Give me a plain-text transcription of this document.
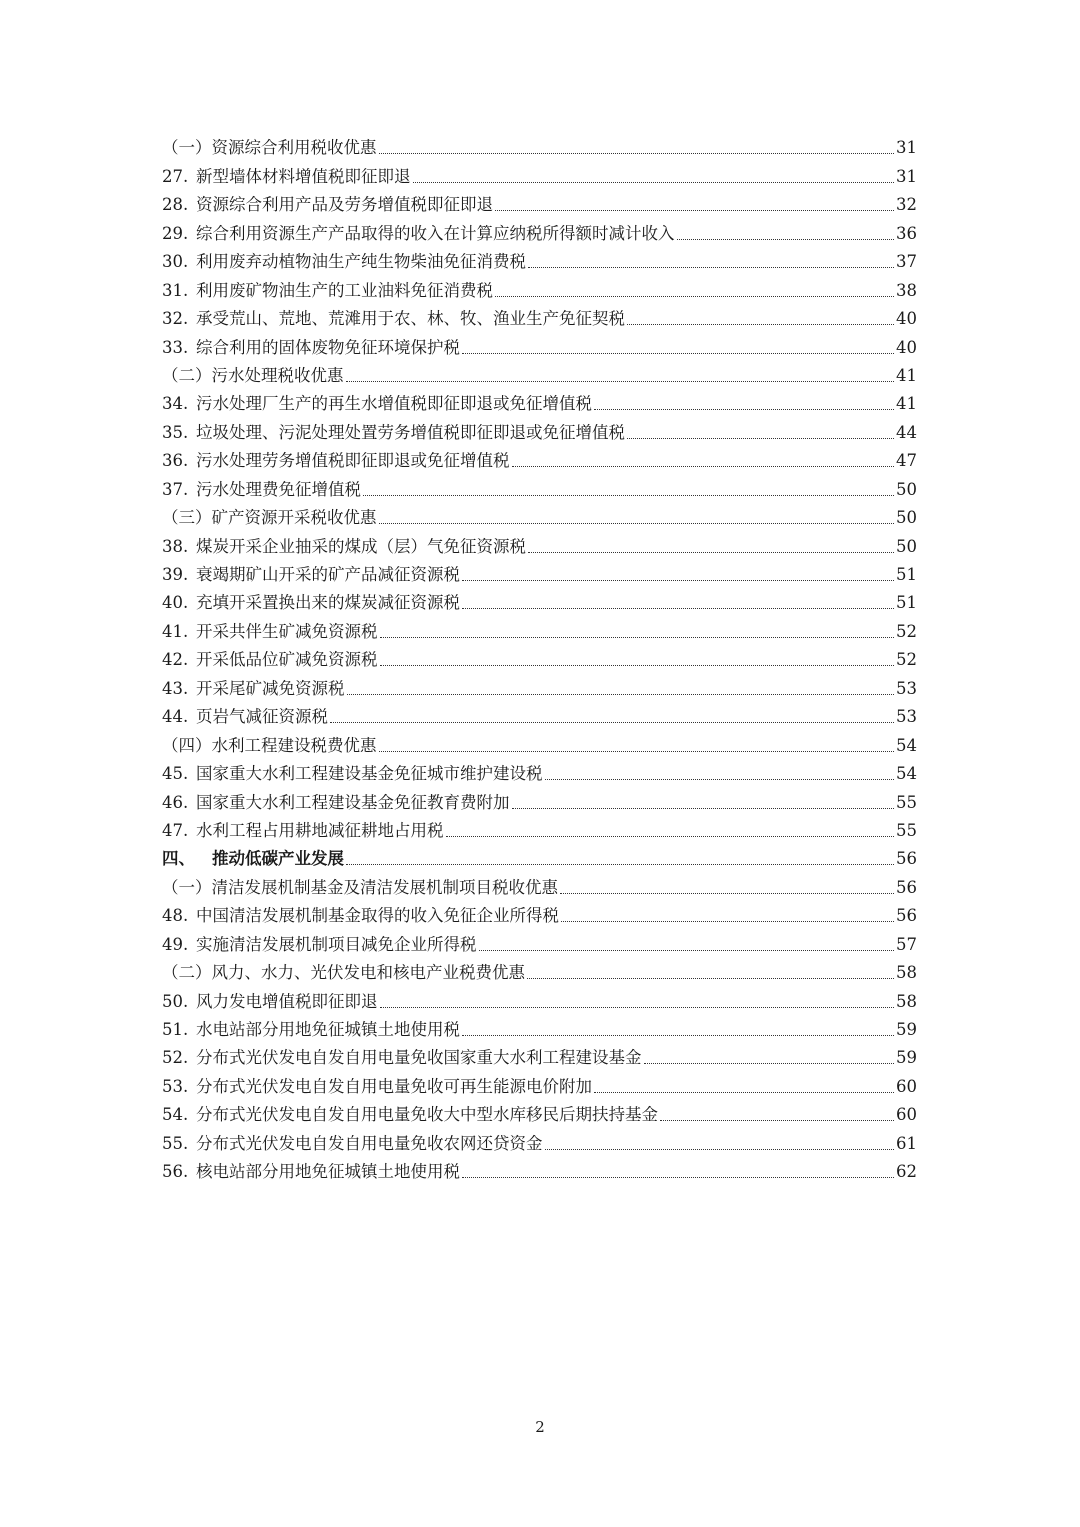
（一）资源综合利用税收优惠	31
27. 新型墙体材料增值税即征即退	31
28. 资源综合利用产品及劳务增值税即征即退	32
29. 综合利用资源生产产品取得的收入在计算应纳税所得额时减计收入	36
30. 利用废弃动植物油生产纯生物柴油免征消费税	37
31. 利用废矿物油生产的工业油料免征消费税	38
32. 承受荒山、荒地、荒滩用于农、林、牧、渔业生产免征契税	40
33. 综合利用的固体废物免征环境保护税	40
（二）污水处理税收优惠	41
34. 污水处理厂生产的再生水增值税即征即退或免征增值税	41
35. 垃圾处理、污泥处理处置劳务增值税即征即退或免征增值税	44
36. 污水处理劳务增值税即征即退或免征增值税	47
37. 污水处理费免征增值税	50
（三）矿产资源开采税收优惠	50
38. 煤炭开采企业抽采的煤成（层）气免征资源税	50
39. 衰竭期矿山开采的矿产品减征资源税	51
40. 充填开采置换出来的煤炭减征资源税	51
41. 开采共伴生矿减免资源税	52
42. 开采低品位矿减免资源税	52
43. 开采尾矿减免资源税	53
44. 页岩气减征资源税	53
（四）水利工程建设税费优惠	54
45. 国家重大水利工程建设基金免征城市维护建设税	54
46. 国家重大水利工程建设基金免征教育费附加	55
47. 水利工程占用耕地减征耕地占用税	55
四、 推动低碳产业发展	56
（一）清洁发展机制基金及清洁发展机制项目税收优惠	56
48. 中国清洁发展机制基金取得的收入免征企业所得税	56
49. 实施清洁发展机制项目减免企业所得税	57
（二）风力、水力、光伏发电和核电产业税费优惠	58
50. 风力发电增值税即征即退	58
51. 水电站部分用地免征城镇土地使用税	59
52. 分布式光伏发电自发自用电量免收国家重大水利工程建设基金	59
53. 分布式光伏发电自发自用电量免收可再生能源电价附加	60
54. 分布式光伏发电自发自用电量免收大中型水库移民后期扶持基金	60
55. 分布式光伏发电自发自用电量免收农网还贷资金	61
56. 核电站部分用地免征城镇土地使用税	62
2
